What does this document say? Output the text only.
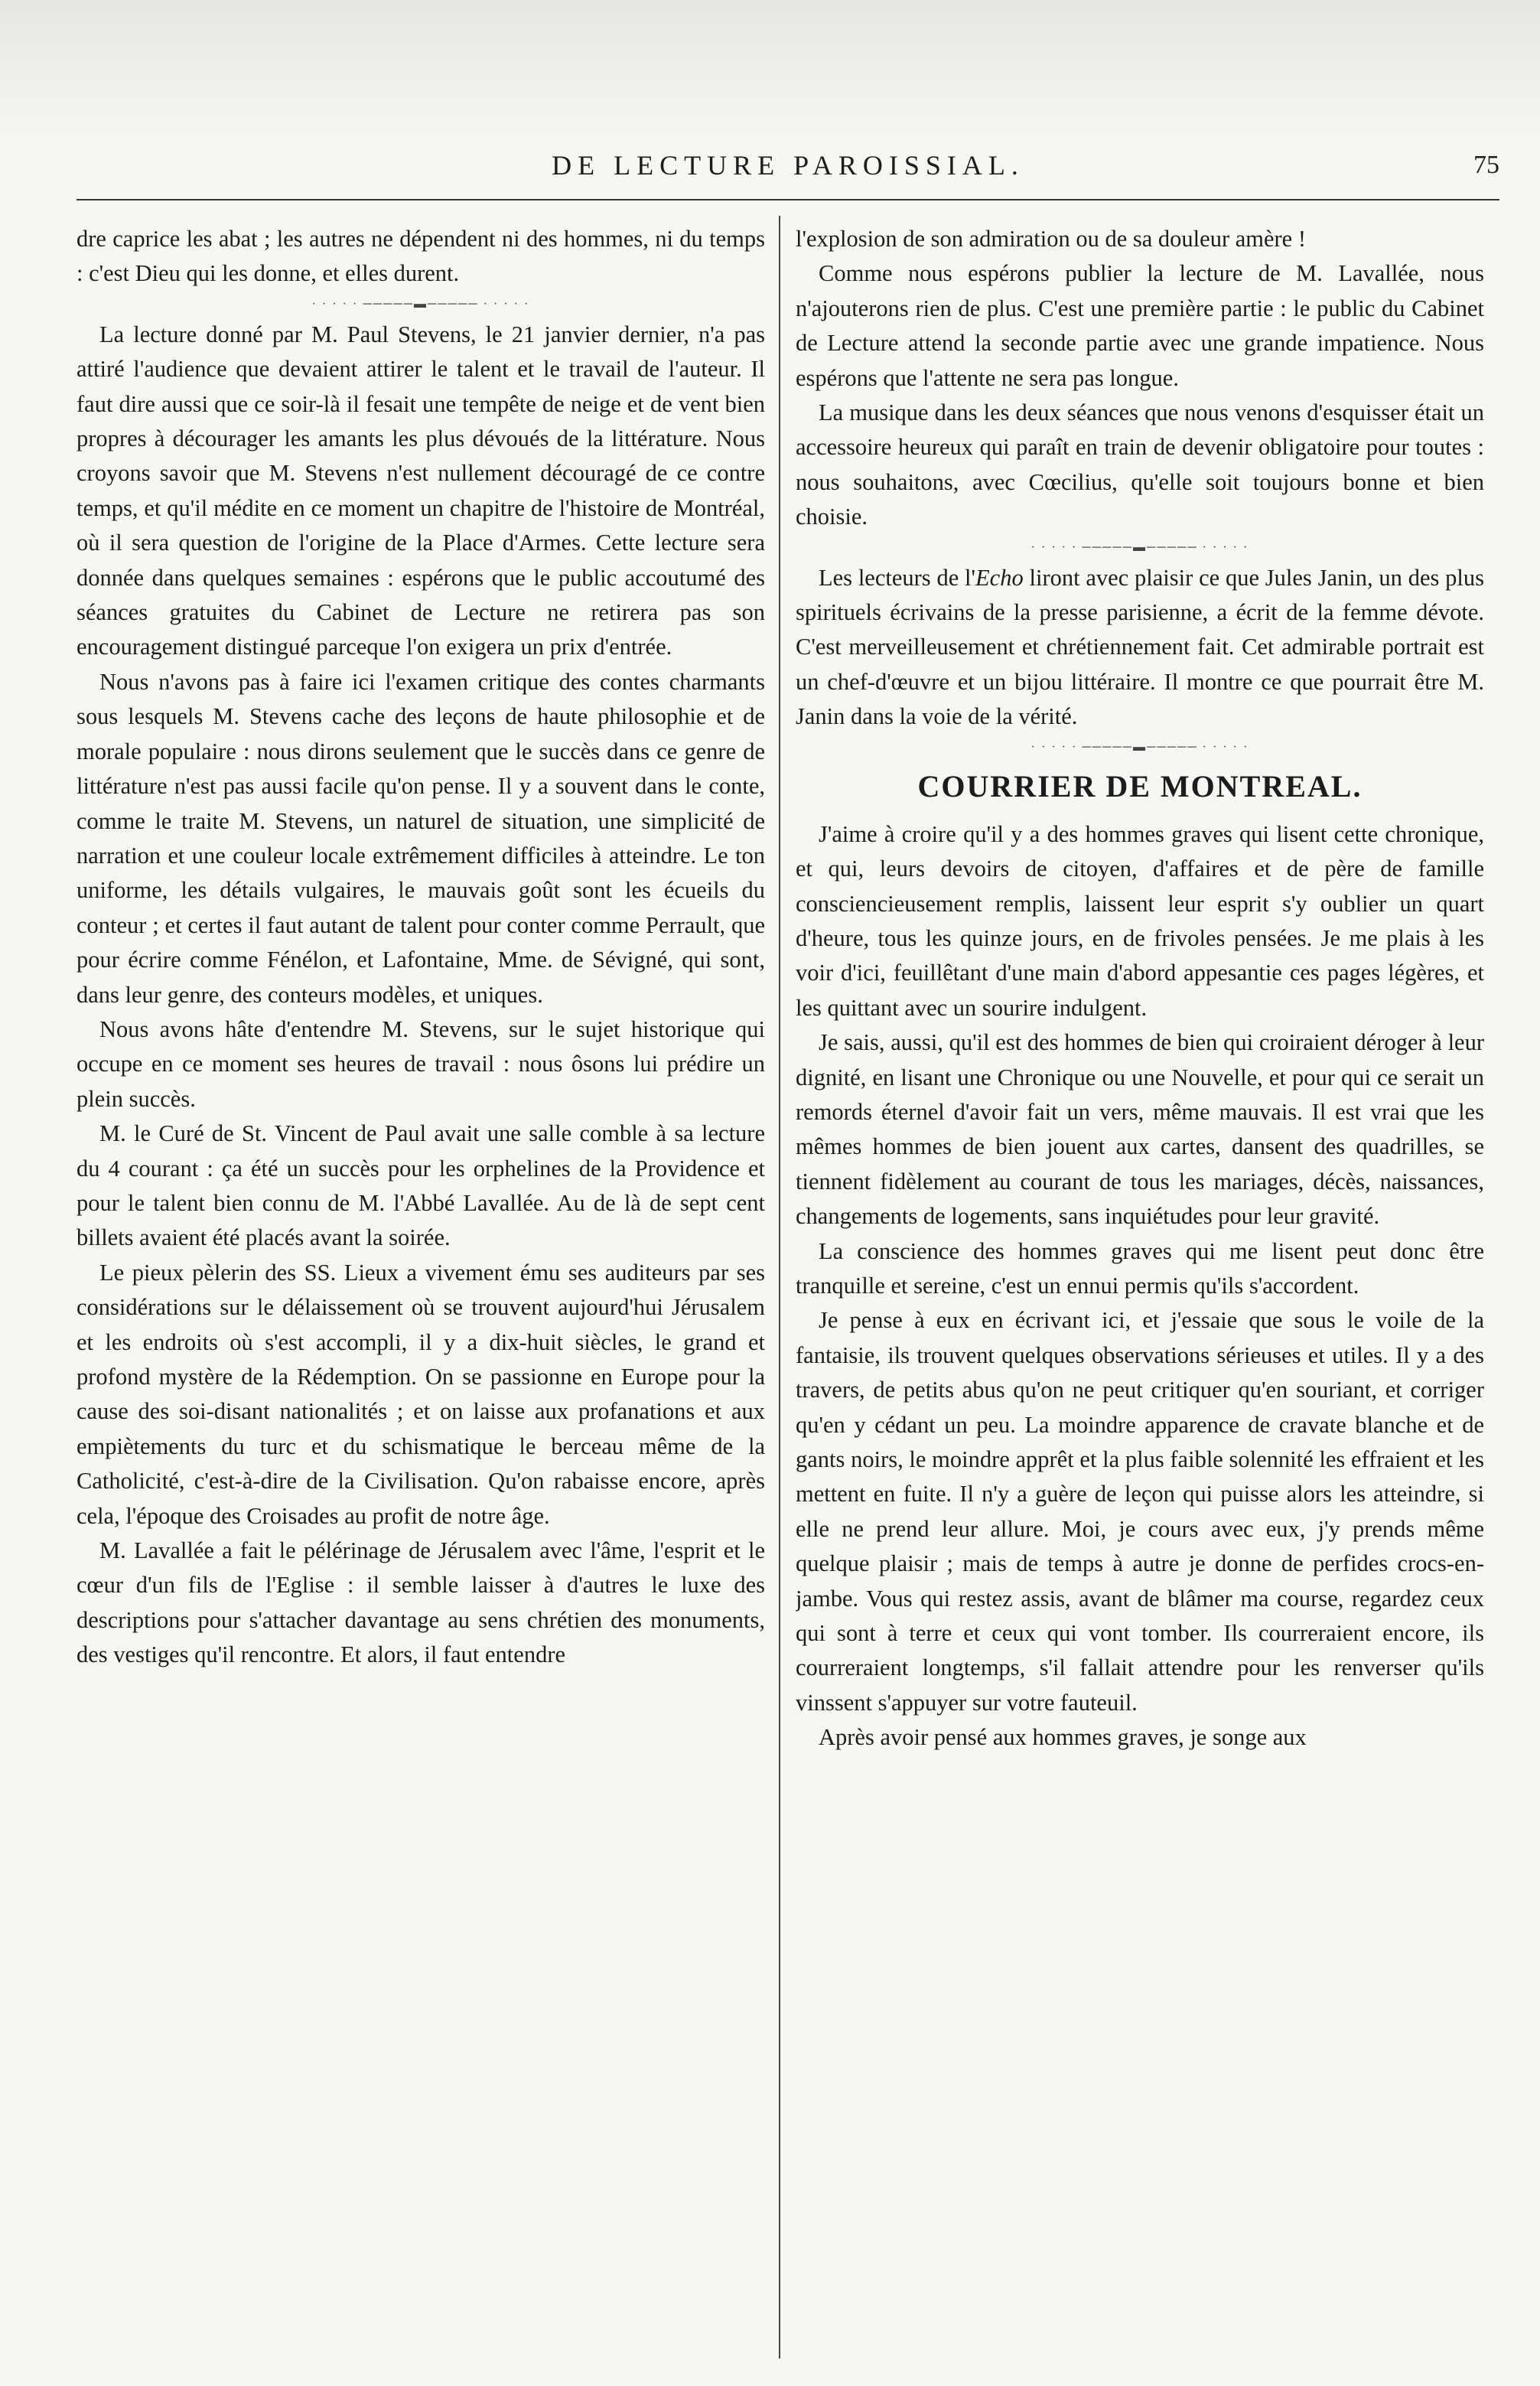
DE LECTURE PAROISSIAL.	75

dre caprice les abat ; les autres ne dépendent ni des hommes, ni du temps : c'est Dieu qui les donne, et elles durent.

· · · · · ─────▬───── · · · · ·

La lecture donné par M. Paul Stevens, le 21 janvier dernier, n'a pas attiré l'audience que devaient attirer le talent et le travail de l'auteur. Il faut dire aussi que ce soir-là il fesait une tempête de neige et de vent bien propres à décourager les amants les plus dévoués de la littérature. Nous croyons savoir que M. Stevens n'est nullement découragé de ce contre temps, et qu'il médite en ce moment un chapitre de l'histoire de Montréal, où il sera question de l'origine de la Place d'Armes. Cette lecture sera donnée dans quelques semaines : espérons que le public accoutumé des séances gratuites du Cabinet de Lecture ne retirera pas son encouragement distingué parceque l'on exigera un prix d'entrée.

Nous n'avons pas à faire ici l'examen critique des contes charmants sous lesquels M. Stevens cache des leçons de haute philosophie et de morale populaire : nous dirons seulement que le succès dans ce genre de littérature n'est pas aussi facile qu'on pense. Il y a souvent dans le conte, comme le traite M. Stevens, un naturel de situation, une simplicité de narration et une couleur locale extrêmement difficiles à atteindre. Le ton uniforme, les détails vulgaires, le mauvais goût sont les écueils du conteur ; et certes il faut autant de talent pour conter comme Perrault, que pour écrire comme Fénélon, et Lafontaine, Mme. de Sévigné, qui sont, dans leur genre, des conteurs modèles, et uniques.

Nous avons hâte d'entendre M. Stevens, sur le sujet historique qui occupe en ce moment ses heures de travail : nous ôsons lui prédire un plein succès.

M. le Curé de St. Vincent de Paul avait une salle comble à sa lecture du 4 courant : ça été un succès pour les orphelines de la Providence et pour le talent bien connu de M. l'Abbé Lavallée. Au de là de sept cent billets avaient été placés avant la soirée.

Le pieux pèlerin des SS. Lieux a vivement ému ses auditeurs par ses considérations sur le délaissement où se trouvent aujourd'hui Jérusalem et les endroits où s'est accompli, il y a dix-huit siècles, le grand et profond mystère de la Rédemption. On se passionne en Europe pour la cause des soi-disant nationalités ; et on laisse aux profanations et aux empiètements du turc et du schismatique le berceau même de la Catholicité, c'est-à-dire de la Civilisation. Qu'on rabaisse encore, après cela, l'époque des Croisades au profit de notre âge.

M. Lavallée a fait le pélérinage de Jérusalem avec l'âme, l'esprit et le cœur d'un fils de l'Eglise : il semble laisser à d'autres le luxe des descriptions pour s'attacher davantage au sens chrétien des monuments, des vestiges qu'il rencontre. Et alors, il faut entendre

l'explosion de son admiration ou de sa douleur amère !

Comme nous espérons publier la lecture de M. Lavallée, nous n'ajouterons rien de plus. C'est une première partie : le public du Cabinet de Lecture attend la seconde partie avec une grande impatience. Nous espérons que l'attente ne sera pas longue.

La musique dans les deux séances que nous venons d'esquisser était un accessoire heureux qui paraît en train de devenir obligatoire pour toutes : nous souhaitons, avec Cœcilius, qu'elle soit toujours bonne et bien choisie.

· · · · · ─────▬───── · · · · ·

Les lecteurs de l'Echo liront avec plaisir ce que Jules Janin, un des plus spirituels écrivains de la presse parisienne, a écrit de la femme dévote. C'est merveilleusement et chrétiennement fait. Cet admirable portrait est un chef-d'œuvre et un bijou littéraire. Il montre ce que pourrait être M. Janin dans la voie de la vérité.

· · · · · ─────▬───── · · · · ·
COURRIER DE MONTREAL.

J'aime à croire qu'il y a des hommes graves qui lisent cette chronique, et qui, leurs devoirs de citoyen, d'affaires et de père de famille consciencieusement remplis, laissent leur esprit s'y oublier un quart d'heure, tous les quinze jours, en de frivoles pensées. Je me plais à les voir d'ici, feuillêtant d'une main d'abord appesantie ces pages légères, et les quittant avec un sourire indulgent.

Je sais, aussi, qu'il est des hommes de bien qui croiraient déroger à leur dignité, en lisant une Chronique ou une Nouvelle, et pour qui ce serait un remords éternel d'avoir fait un vers, même mauvais. Il est vrai que les mêmes hommes de bien jouent aux cartes, dansent des quadrilles, se tiennent fidèlement au courant de tous les mariages, décès, naissances, changements de logements, sans inquiétudes pour leur gravité.

La conscience des hommes graves qui me lisent peut donc être tranquille et sereine, c'est un ennui permis qu'ils s'accordent.

Je pense à eux en écrivant ici, et j'essaie que sous le voile de la fantaisie, ils trouvent quelques observations sérieuses et utiles. Il y a des travers, de petits abus qu'on ne peut critiquer qu'en souriant, et corriger qu'en y cédant un peu. La moindre apparence de cravate blanche et de gants noirs, le moindre apprêt et la plus faible solennité les effraient et les mettent en fuite. Il n'y a guère de leçon qui puisse alors les atteindre, si elle ne prend leur allure. Moi, je cours avec eux, j'y prends même quelque plaisir ; mais de temps à autre je donne de perfides crocs-en-jambe. Vous qui restez assis, avant de blâmer ma course, regardez ceux qui sont à terre et ceux qui vont tomber. Ils courreraient encore, ils courreraient longtemps, s'il fallait attendre pour les renverser qu'ils vinssent s'appuyer sur votre fauteuil.

Après avoir pensé aux hommes graves, je songe aux
